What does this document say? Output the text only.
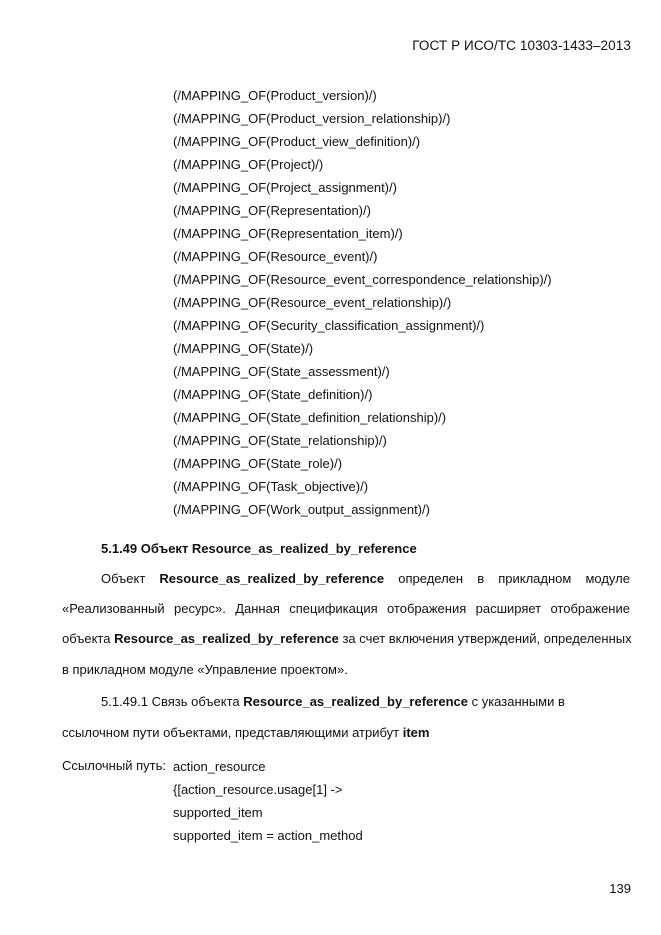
ГОСТ Р ИСО/ТС 10303-1433–2013
(/MAPPING_OF(Product_version)/)
(/MAPPING_OF(Product_version_relationship)/)
(/MAPPING_OF(Product_view_definition)/)
(/MAPPING_OF(Project)/)
(/MAPPING_OF(Project_assignment)/)
(/MAPPING_OF(Representation)/)
(/MAPPING_OF(Representation_item)/)
(/MAPPING_OF(Resource_event)/)
(/MAPPING_OF(Resource_event_correspondence_relationship)/)
(/MAPPING_OF(Resource_event_relationship)/)
(/MAPPING_OF(Security_classification_assignment)/)
(/MAPPING_OF(State)/)
(/MAPPING_OF(State_assessment)/)
(/MAPPING_OF(State_definition)/)
(/MAPPING_OF(State_definition_relationship)/)
(/MAPPING_OF(State_relationship)/)
(/MAPPING_OF(State_role)/)
(/MAPPING_OF(Task_objective)/)
(/MAPPING_OF(Work_output_assignment)/)
5.1.49 Объект Resource_as_realized_by_reference
Объект Resource_as_realized_by_reference определен в прикладном модуле
«Реализованный ресурс». Данная спецификация отображения расширяет отображение
объекта Resource_as_realized_by_reference за счет включения утверждений, определенных
в прикладном модуле «Управление проектом».
5.1.49.1 Связь объекта Resource_as_realized_by_reference с указанными в
ссылочном пути объектами, представляющими атрибут item
Ссылочный путь: action_resource
{[action_resource.usage[1] ->
supported_item
supported_item = action_method
139
